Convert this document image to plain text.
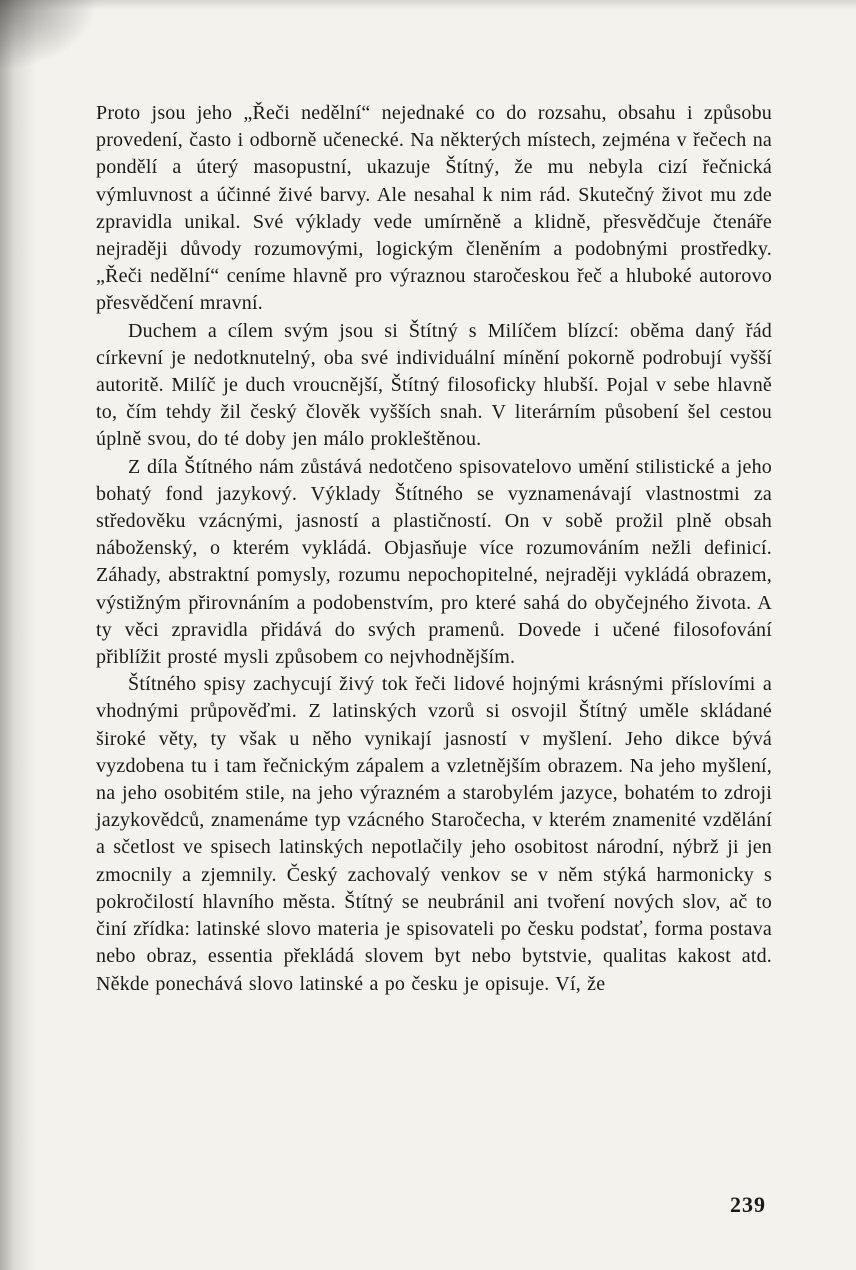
Proto jsou jeho „Řeči nedělní“ nejednaké co do rozsahu, obsahu i způsobu provedení, často i odborně učenecké. Na některých místech, zejména v řečech na pondělí a úterý masopustní, ukazuje Štítný, že mu nebyla cizí řečnická výmluvnost a účinné živé barvy. Ale nesahal k nim rád. Skutečný život mu zde zpravidla unikal. Své výklady vede umírněně a klidně, přesvědčuje čtenáře nejraději důvody rozumovými, logickým členěním a podobnými prostředky. „Řeči nedělní“ ceníme hlavně pro výraznou staročeskou řeč a hluboké autorovo přesvědčení mravní.

Duchem a cílem svým jsou si Štítný s Milíčem blízcí: oběma daný řád církevní je nedotknutelný, oba své individuální mínění pokorně podrobují vyšší autoritě. Milíč je duch vroucnější, Štítný filosoficky hlubší. Pojal v sebe hlavně to, čím tehdy žil český člověk vyšších snah. V literárním působení šel cestou úplně svou, do té doby jen málo prokleštěnou.

Z díla Štítného nám zůstává nedotčeno spisovatelovo umění stilistické a jeho bohatý fond jazykový. Výklady Štítného se vyznamenávají vlastnostmi za středověku vzácnými, jasností a plastičností. On v sobě prožil plně obsah náboženský, o kterém vykládá. Objasňuje více rozumováním nežli definicí. Záhady, abstraktní pomysly, rozumu nepochopitelné, nejraději vykládá obrazem, výstižným přirovnáním a podobenstvím, pro které sahá do obyčejného života. A ty věci zpravidla přidává do svých pramenů. Dovede i učené filosofování přiblížit prosté mysli způsobem co nejvhodnějším.

Štítného spisy zachycují živý tok řeči lidové hojnými krásnými příslovími a vhodnými průpověďmi. Z latinských vzorů si osvojil Štítný uměle skládané široké věty, ty však u něho vynikají jasností v myšlení. Jeho dikce bývá vyzdobena tu i tam řečnickým zápalem a vzletnějším obrazem. Na jeho myšlení, na jeho osobitém stile, na jeho výrazném a starobylém jazyce, bohatém to zdroji jazykovědců, znamenáme typ vzácného Staročecha, v kterém znamenité vzdělání a sčetlost ve spisech latinských nepotlačily jeho osobitost národní, nýbrž ji jen zmocnily a zjemnily. Český zachovalý venkov se v něm stýká harmonicky s pokročilostí hlavního města. Štítný se neubránil ani tvoření nových slov, ač to činí zřídka: latinské slovo materia je spisovateli po česku podstať, forma postava nebo obraz, essentia překládá slovem byt nebo bytstvie, qualitas kakost atd. Někde ponechává slovo latinské a po česku je opisuje. Ví, že

239
